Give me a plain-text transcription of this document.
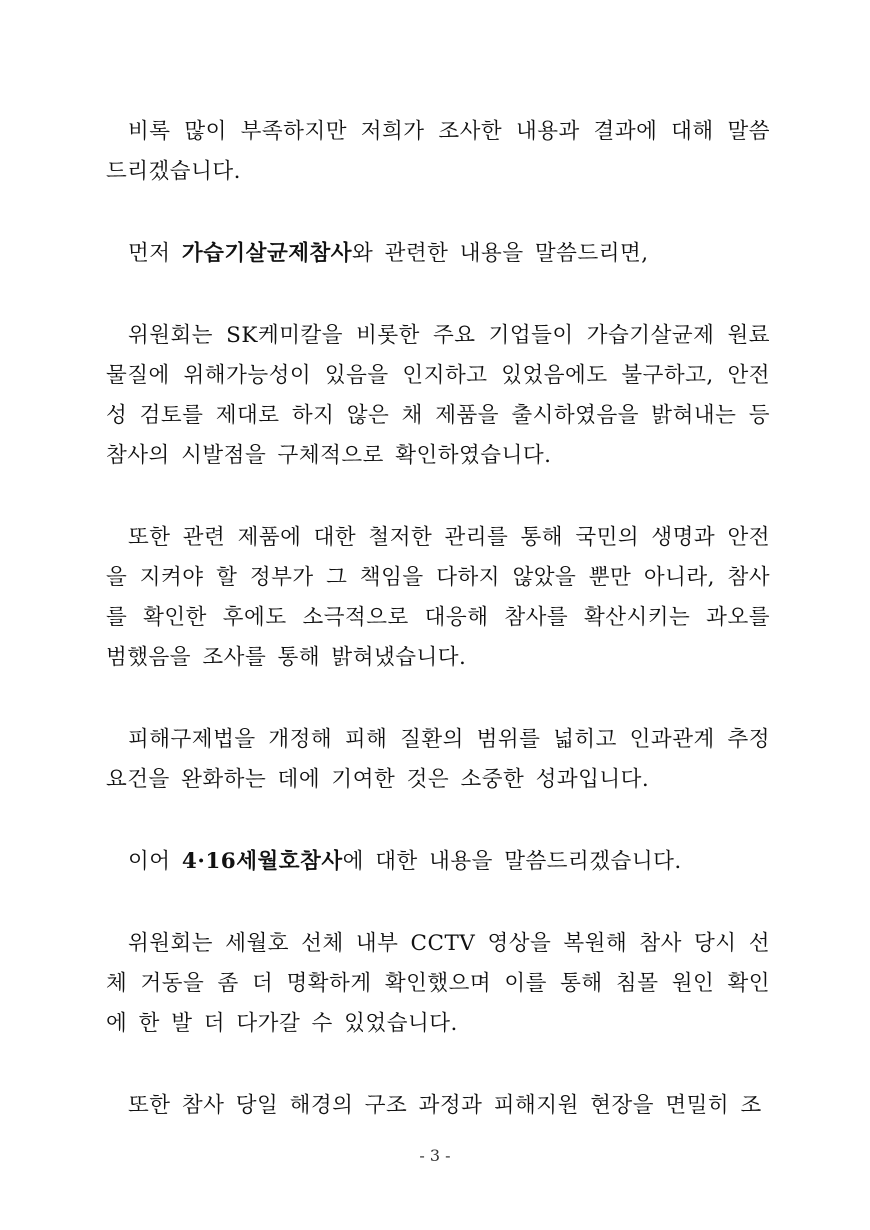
비록 많이 부족하지만 저희가 조사한 내용과 결과에 대해 말씀드리겠습니다.

먼저 가습기살균제참사와 관련한 내용을 말씀드리면,

위원회는 SK케미칼을 비롯한 주요 기업들이 가습기살균제 원료물질에 위해가능성이 있음을 인지하고 있었음에도 불구하고, 안전성 검토를 제대로 하지 않은 채 제품을 출시하였음을 밝혀내는 등 참사의 시발점을 구체적으로 확인하였습니다.

또한 관련 제품에 대한 철저한 관리를 통해 국민의 생명과 안전을 지켜야 할 정부가 그 책임을 다하지 않았을 뿐만 아니라, 참사를 확인한 후에도 소극적으로 대응해 참사를 확산시키는 과오를 범했음을 조사를 통해 밝혀냈습니다.

피해구제법을 개정해 피해 질환의 범위를 넓히고 인과관계 추정 요건을 완화하는 데에 기여한 것은 소중한 성과입니다.

이어 4·16세월호참사에 대한 내용을 말씀드리겠습니다.

위원회는 세월호 선체 내부 CCTV 영상을 복원해 참사 당시 선체 거동을 좀 더 명확하게 확인했으며 이를 통해 침몰 원인 확인에 한 발 더 다가갈 수 있었습니다.

또한 참사 당일 해경의 구조 과정과 피해지원 현장을 면밀히 조

- 3 -
